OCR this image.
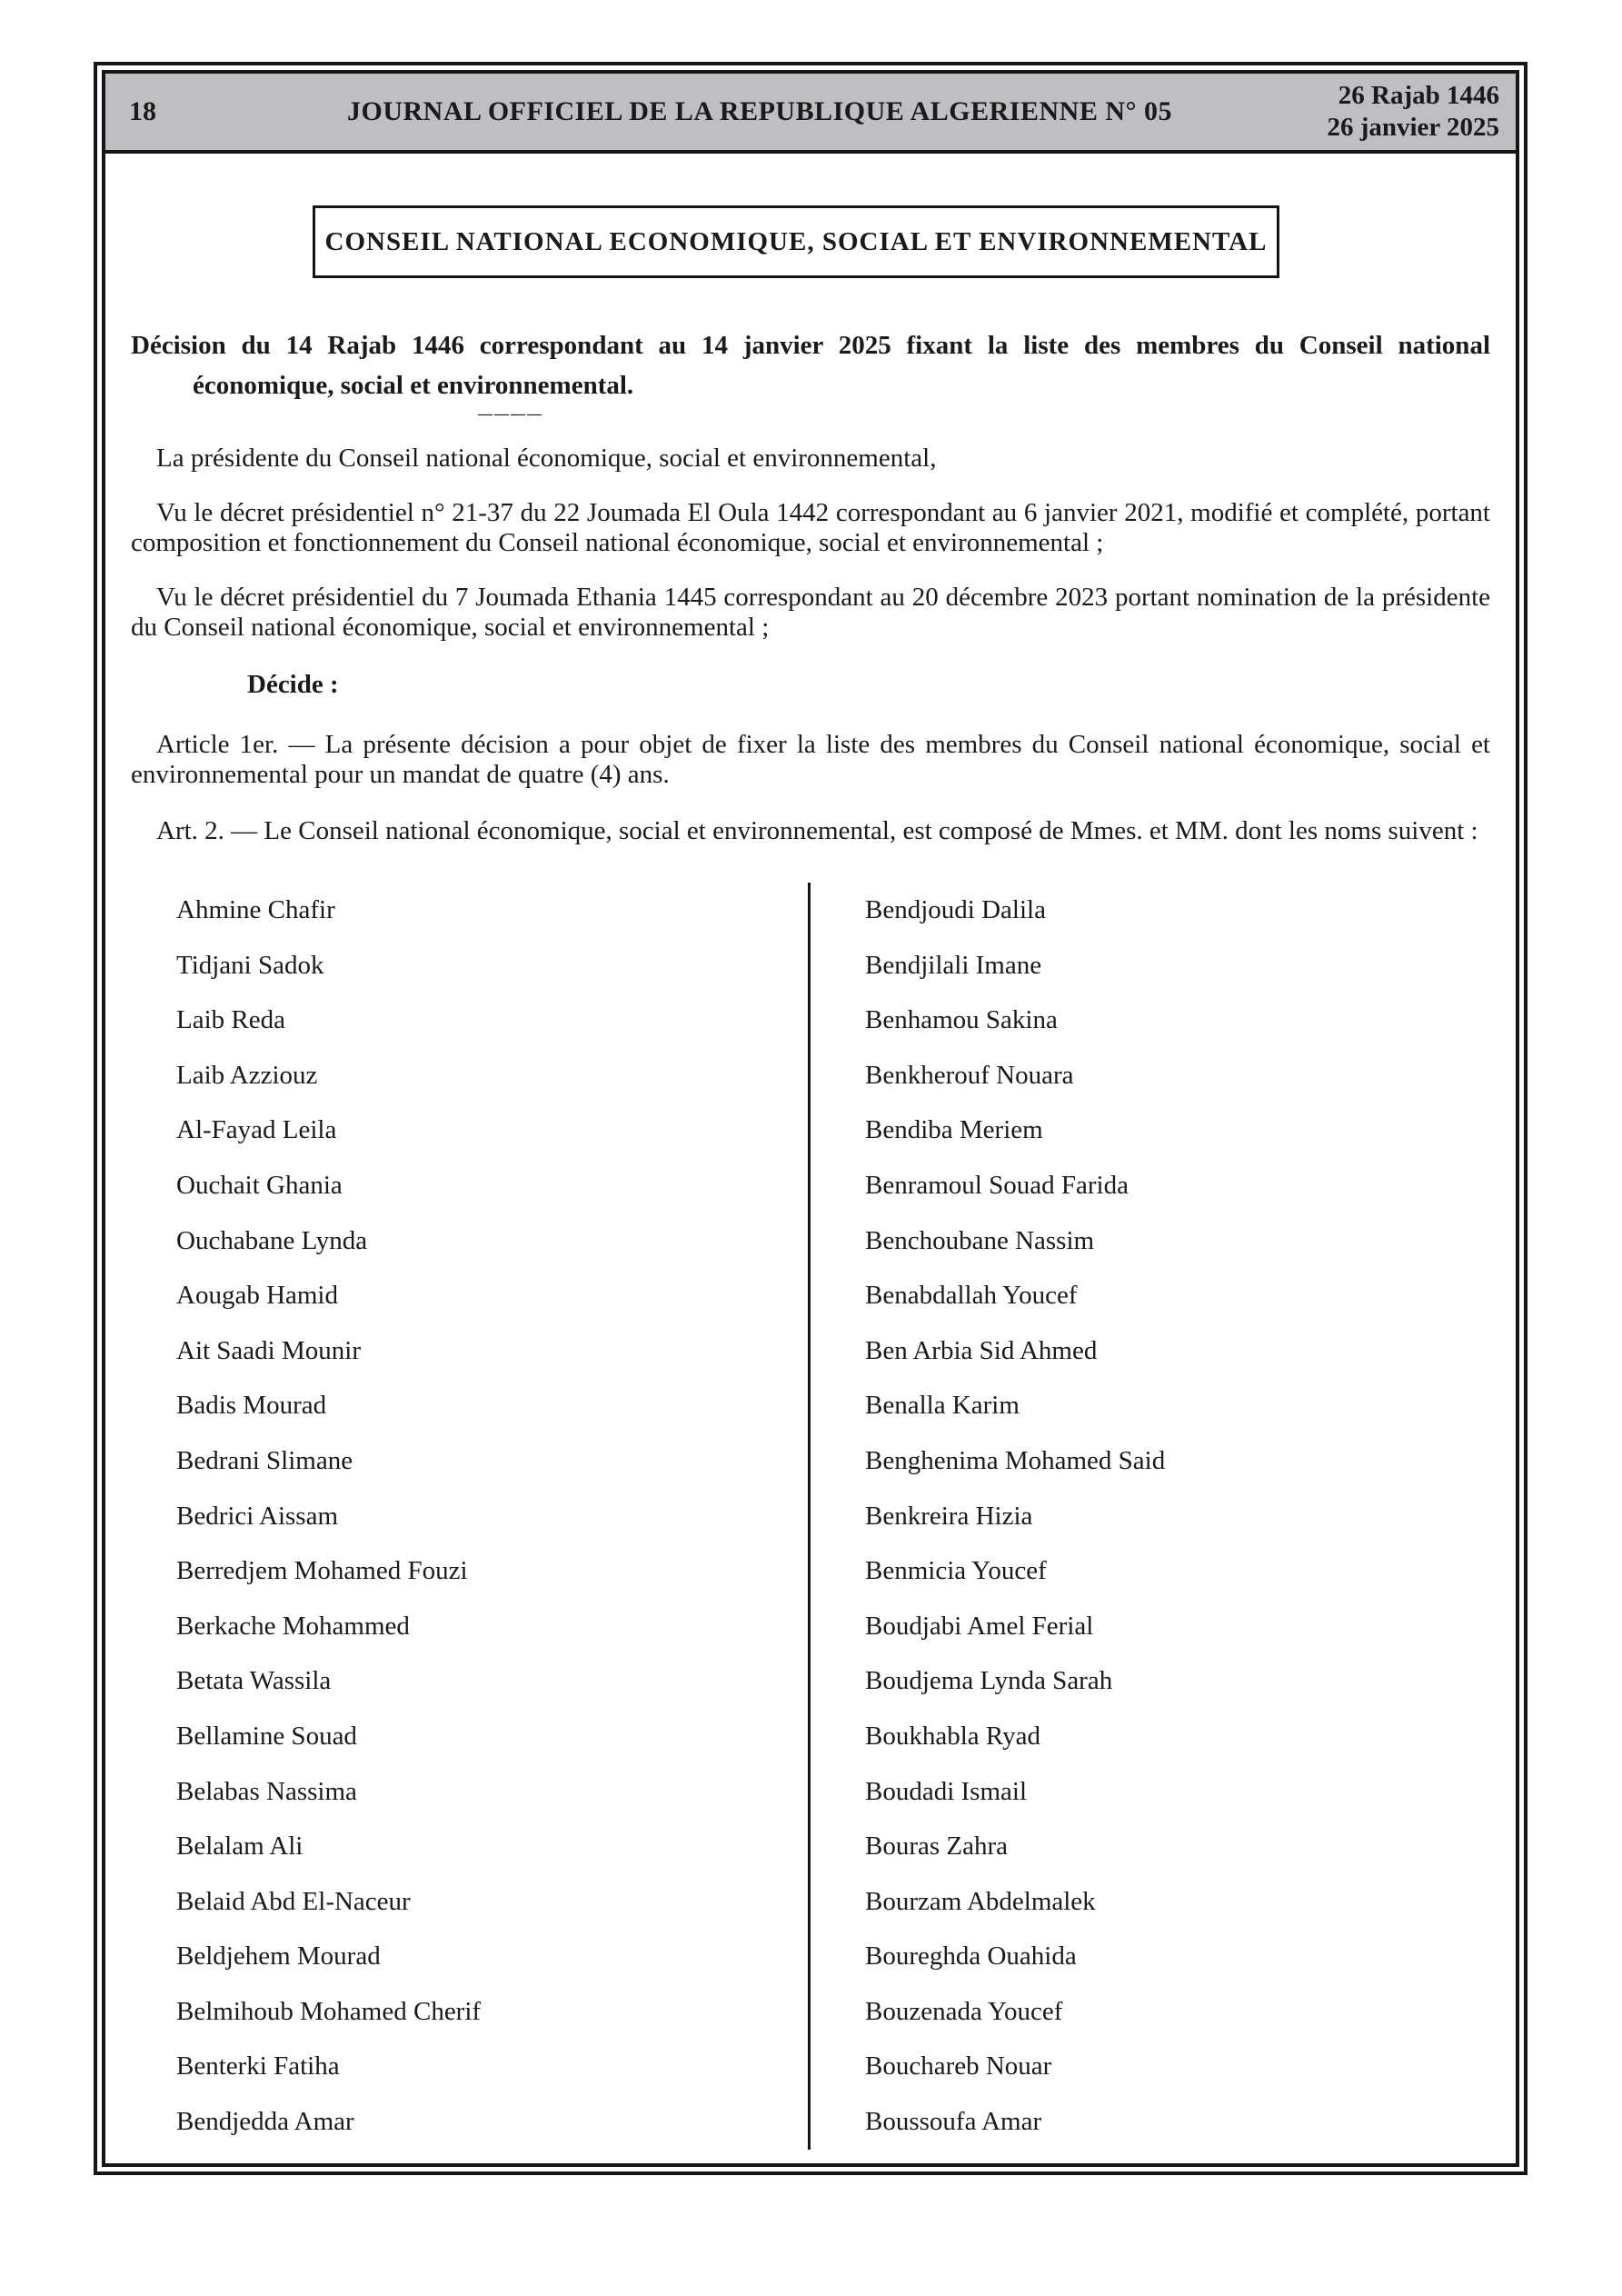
18	JOURNAL OFFICIEL DE LA REPUBLIQUE ALGERIENNE N° 05
26 Rajab 1446
26 janvier 2025
CONSEIL NATIONAL ECONOMIQUE, SOCIAL ET ENVIRONNEMENTAL
Décision du 14 Rajab 1446 correspondant au 14 janvier 2025 fixant la liste des membres du Conseil national
économique, social et environnemental.
— — — —
La présidente du Conseil national économique, social et environnemental,
Vu le décret présidentiel n° 21-37 du 22 Joumada El Oula 1442 correspondant au 6 janvier 2021, modifié et complété, portant composition et fonctionnement du Conseil national économique, social et environnemental ;
Vu le décret présidentiel du 7 Joumada Ethania 1445 correspondant au 20 décembre 2023 portant nomination de la présidente du Conseil national économique, social et environnemental ;
Décide :
Article 1er. — La présente décision a pour objet de fixer la liste des membres du Conseil national économique, social et environnemental pour un mandat de quatre (4) ans.
Art. 2. — Le Conseil national économique, social et environnemental, est composé de Mmes. et MM. dont les noms suivent :
Ahmine Chafir
Tidjani Sadok
Laib Reda
Laib Azziouz
Al-Fayad Leila
Ouchait Ghania
Ouchabane Lynda
Aougab Hamid
Ait Saadi Mounir
Badis Mourad
Bedrani Slimane
Bedrici Aissam
Berredjem Mohamed Fouzi
Berkache Mohammed
Betata Wassila
Bellamine Souad
Belabas Nassima
Belalam Ali
Belaid Abd El-Naceur
Beldjehem Mourad
Belmihoub Mohamed Cherif
Benterki Fatiha
Bendjedda Amar
Bendjoudi Dalila
Bendjilali Imane
Benhamou Sakina
Benkherouf Nouara
Bendiba Meriem
Benramoul Souad Farida
Benchoubane Nassim
Benabdallah Youcef
Ben Arbia Sid Ahmed
Benalla Karim
Benghenima Mohamed Said
Benkreira Hizia
Benmicia Youcef
Boudjabi Amel Ferial
Boudjema Lynda Sarah
Boukhabla Ryad
Boudadi Ismail
Bouras Zahra
Bourzam Abdelmalek
Boureghda Ouahida
Bouzenada Youcef
Bouchareb Nouar
Boussoufa Amar
